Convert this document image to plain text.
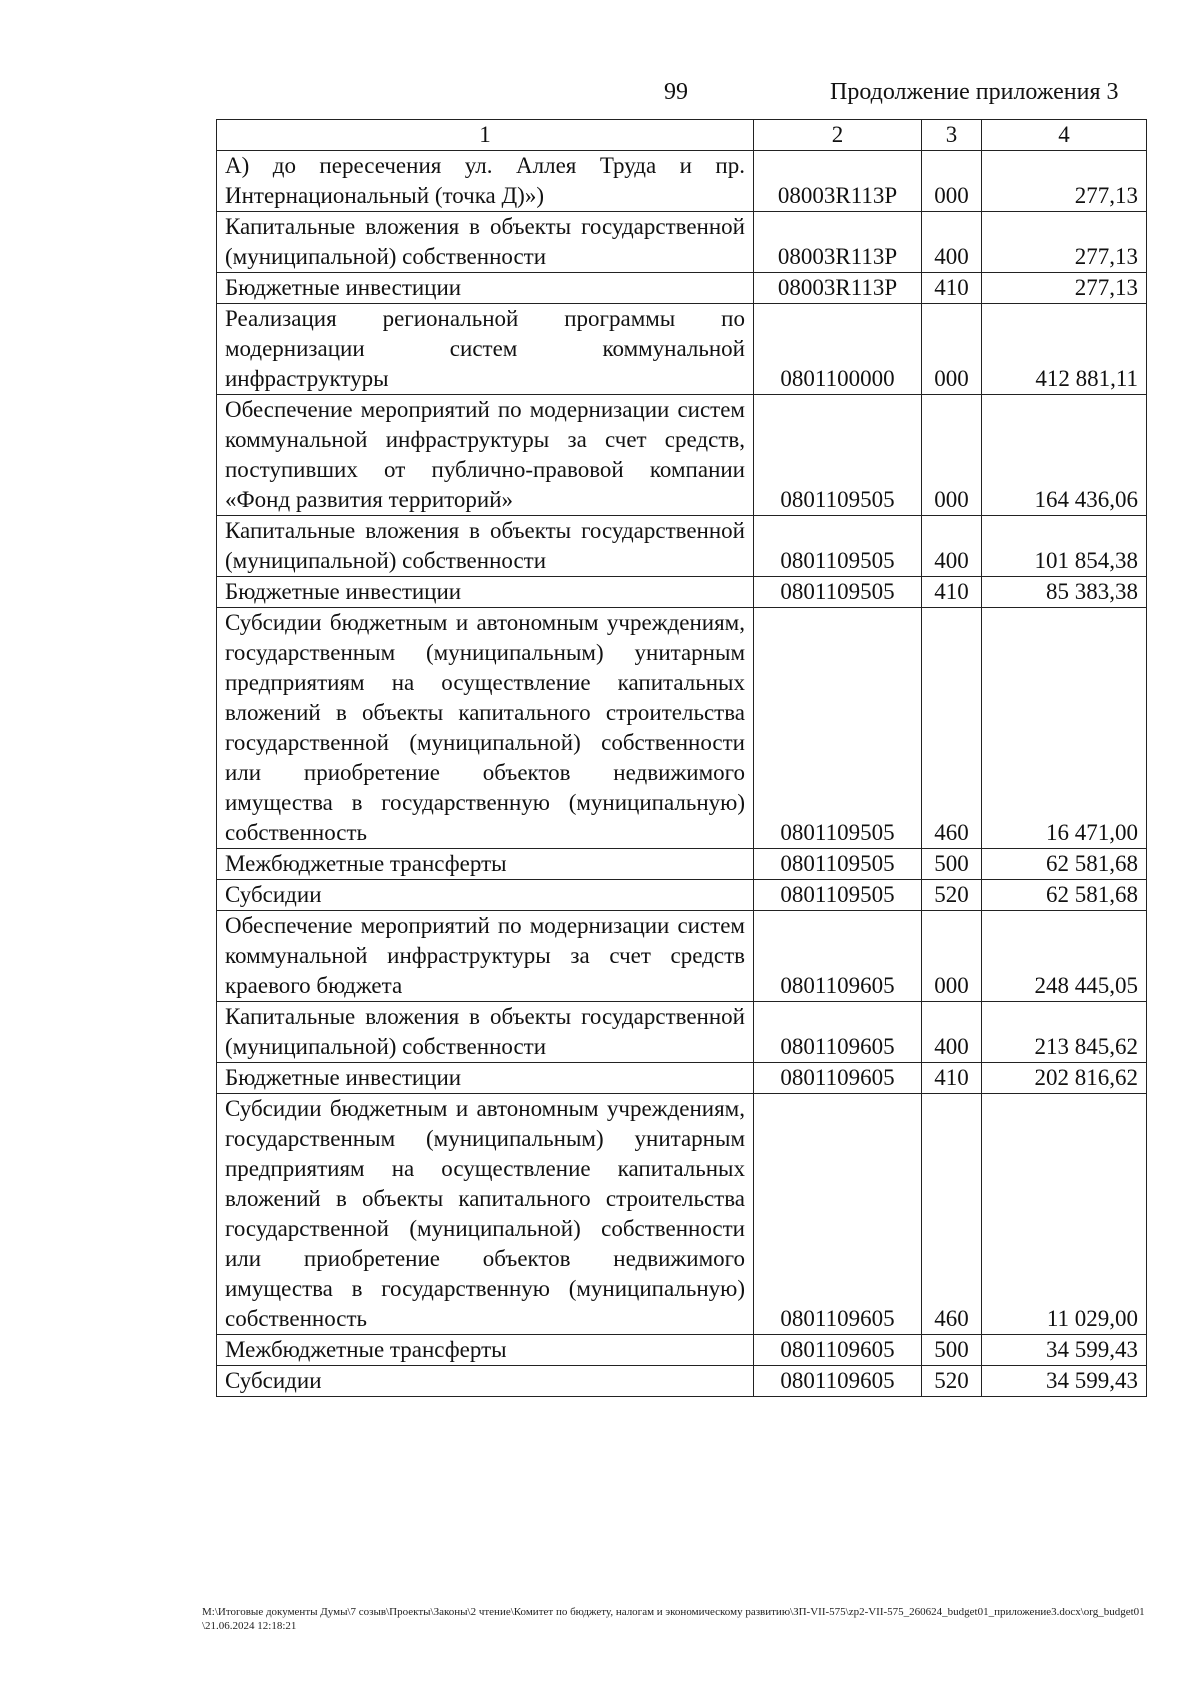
99	Продолжение приложения 3
1	2	3	4
А) до пересечения ул. Аллея Труда и пр. Интернациональный (точка Д)»)	08003R113P	000	277,13
Капитальные вложения в объекты государственной (муниципальной) собственности	08003R113P	400	277,13
Бюджетные инвестиции	08003R113P	410	277,13
Реализация региональной программы по модернизации систем коммунальной инфраструктуры	0801100000	000	412 881,11
Обеспечение мероприятий по модернизации систем коммунальной инфраструктуры за счет средств, поступивших от публично-правовой компании «Фонд развития территорий»	0801109505	000	164 436,06
Капитальные вложения в объекты государственной (муниципальной) собственности	0801109505	400	101 854,38
Бюджетные инвестиции	0801109505	410	85 383,38
Субсидии бюджетным и автономным учреждениям, государственным (муниципальным) унитарным предприятиям на осуществление капитальных вложений в объекты капитального строительства государственной (муниципальной) собственности или приобретение объектов недвижимого имущества в государственную (муниципальную) собственность	0801109505	460	16 471,00
Межбюджетные трансферты	0801109505	500	62 581,68
Субсидии	0801109505	520	62 581,68
Обеспечение мероприятий по модернизации систем коммунальной инфраструктуры за счет средств краевого бюджета	0801109605	000	248 445,05
Капитальные вложения в объекты государственной (муниципальной) собственности	0801109605	400	213 845,62
Бюджетные инвестиции	0801109605	410	202 816,62
Субсидии бюджетным и автономным учреждениям, государственным (муниципальным) унитарным предприятиям на осуществление капитальных вложений в объекты капитального строительства государственной (муниципальной) собственности или приобретение объектов недвижимого имущества в государственную (муниципальную) собственность	0801109605	460	11 029,00
Межбюджетные трансферты	0801109605	500	34 599,43
Субсидии	0801109605	520	34 599,43
М:\Итоговые документы Думы\7 созыв\Проекты\Законы\2 чтение\Комитет по бюджету, налогам и экономическому развитию\ЗП-VII-575\zp2-VII-575_260624_budget01_приложение3.docx\org_budget01\21.06.2024 12:18:21
